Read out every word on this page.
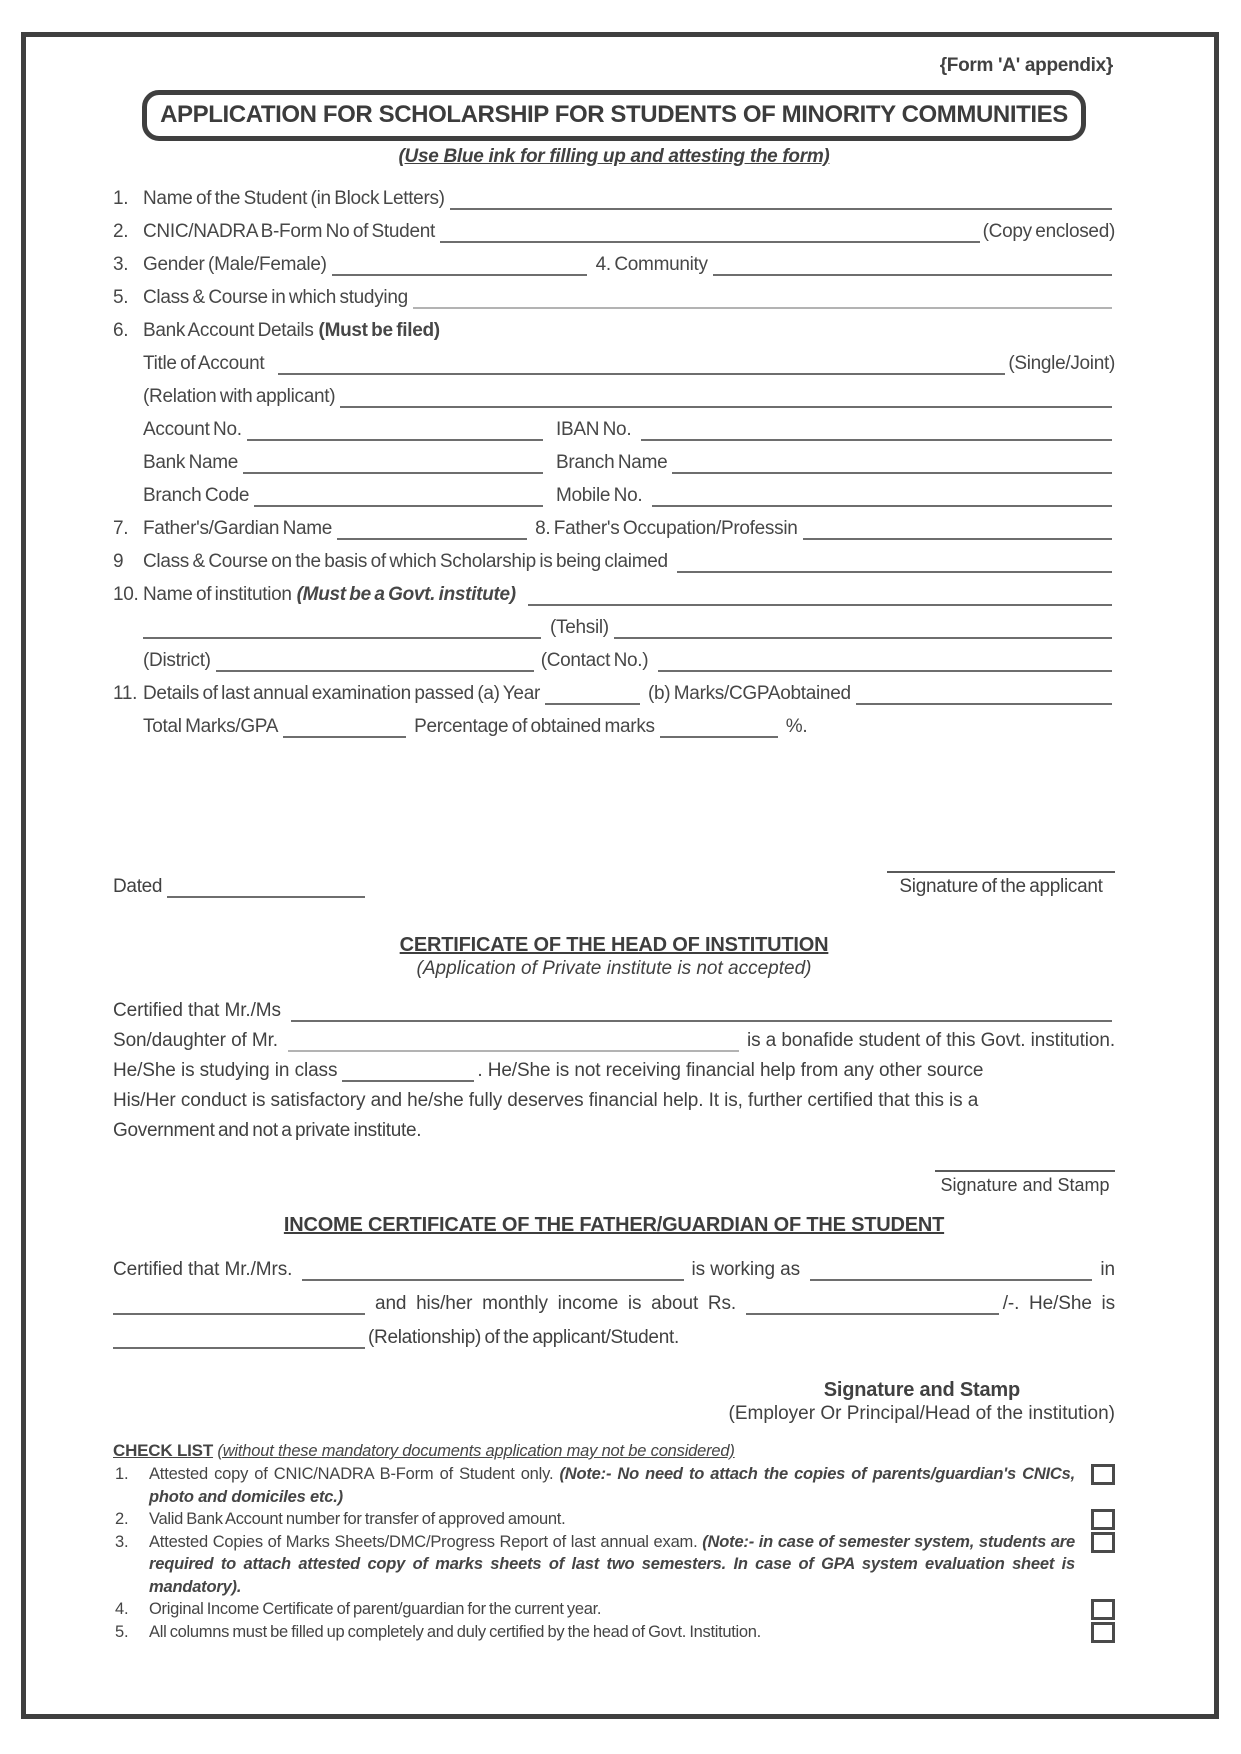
{Form 'A' appendix}
APPLICATION FOR SCHOLARSHIP FOR STUDENTS OF MINORITY COMMUNITIES
(Use Blue ink for filling up and attesting the form)
1. Name of the Student (in Block Letters)
2. CNIC/NADRA B-Form No of Student	(Copy enclosed)
3. Gender (Male/Female)	4. Community
5. Class & Course in which studying
6. Bank Account Details (Must be filed)
Title of Account	(Single/Joint)
(Relation with applicant)
Account No.	IBAN No.
Bank Name	Branch Name
Branch Code	Mobile No.
7. Father's/Gardian Name	8. Father's Occupation/Professin
9	Class & Course on the basis of which Scholarship is being claimed
10. Name of institution (Must be a Govt. institute)
(Tehsil)
(District)	(Contact No.)
11. Details of last annual examination passed (a) Year	(b) Marks/CGPAobtained
Total Marks/GPA	Percentage of obtained marks	%.
Dated	Signature of the applicant
CERTIFICATE OF THE HEAD OF INSTITUTION
(Application of Private institute is not accepted)
Certified that Mr./Ms
Son/daughter of Mr.	is a bonafide student of this Govt. institution.
He/She is studying in class	. He/She is not receiving financial help from any other source
His/Her conduct is satisfactory and he/she fully deserves financial help. It is, further certified that this is a
Government and not a private institute.
Signature and Stamp
INCOME CERTIFICATE OF THE FATHER/GUARDIAN OF THE STUDENT
Certified that Mr./Mrs.	is working as	in
and his/her monthly income is about Rs.	/-. He/She is
(Relationship) of the applicant/Student.
Signature and Stamp
(Employer Or Principal/Head of the institution)
CHECK LIST (without these mandatory documents application may not be considered)
1.	Attested copy of CNIC/NADRA B-Form of Student only. (Note:- No need to attach the copies of parents/guardian's CNICs, photo and domiciles etc.)
2.	Valid Bank Account number for transfer of approved amount.
3.	Attested Copies of Marks Sheets/DMC/Progress Report of last annual exam. (Note:- in case of semester system, students are required to attach attested copy of marks sheets of last two semesters. In case of GPA system evaluation sheet is mandatory).
4.	Original Income Certificate of parent/guardian for the current year.
5.	All columns must be filled up completely and duly certified by the head of Govt. Institution.
